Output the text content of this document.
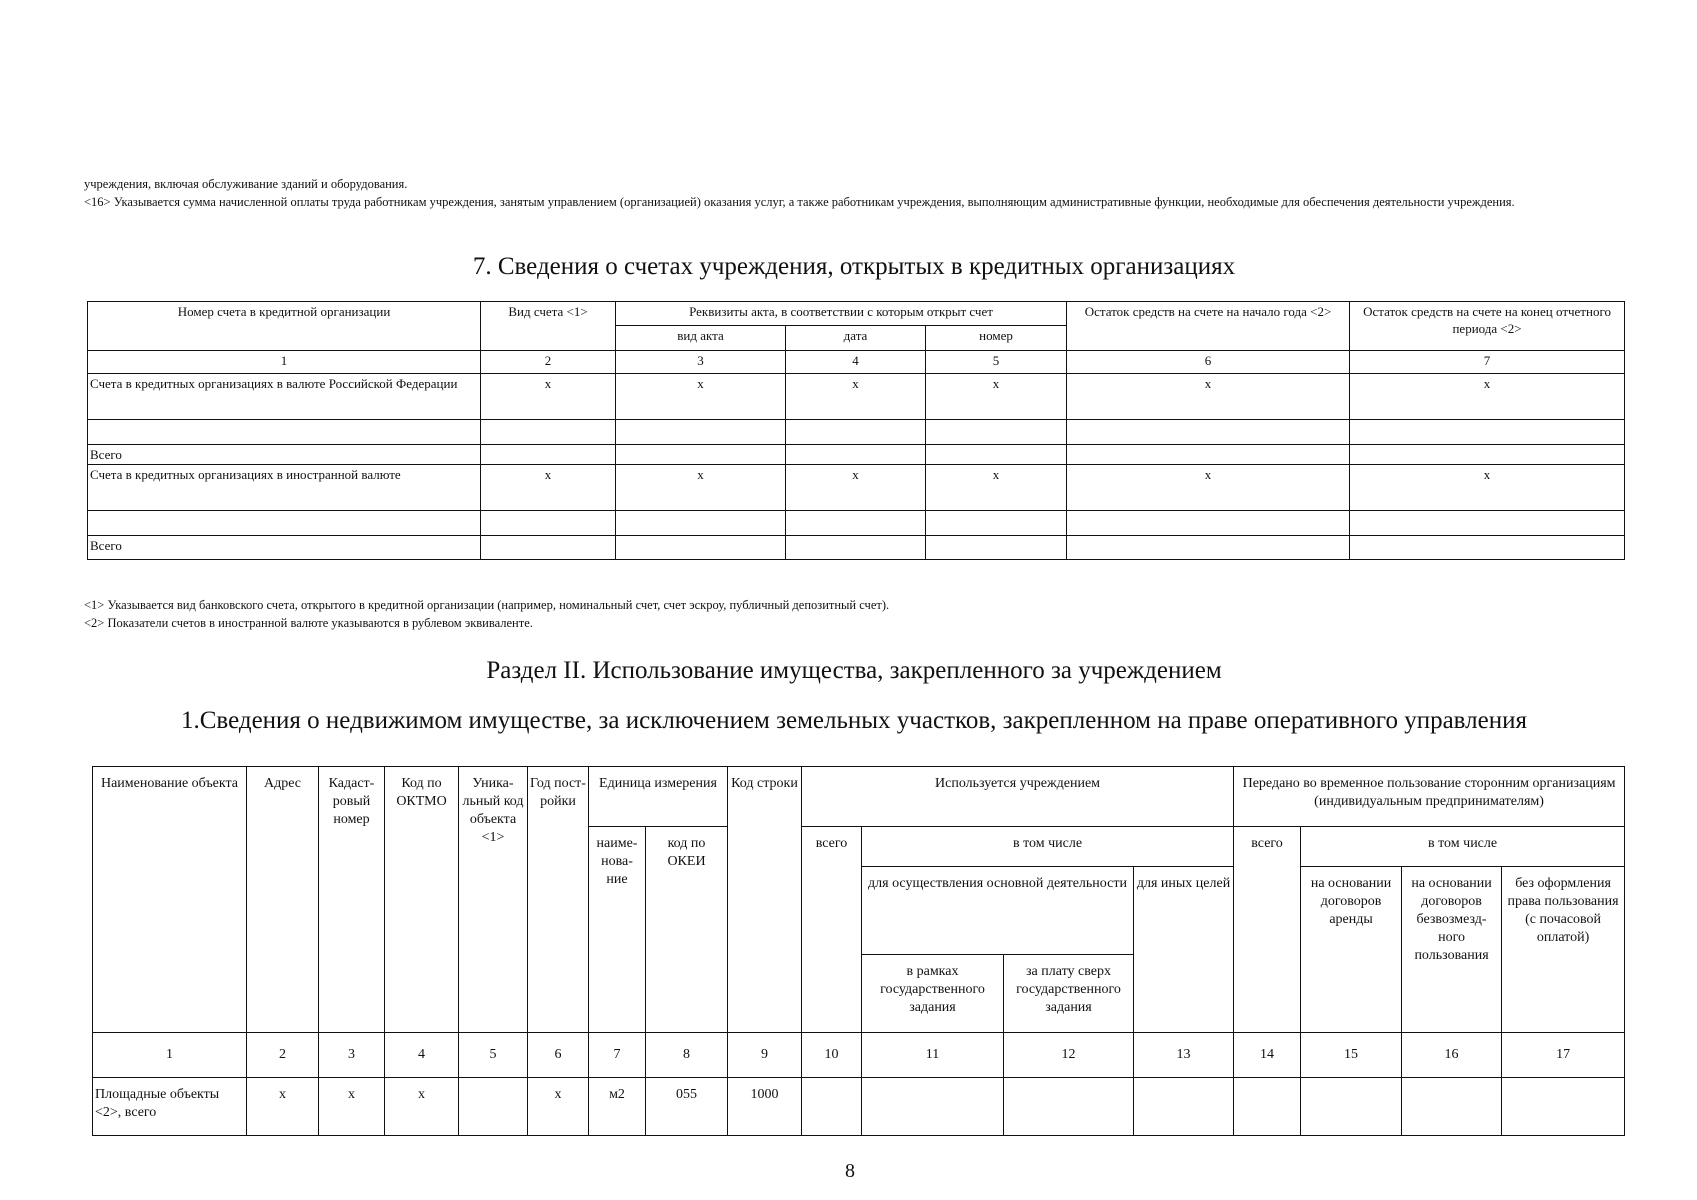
учреждения, включая обслуживание зданий и оборудования.
<16> Указывается сумма начисленной оплаты труда работникам учреждения, занятым управлением (организацией) оказания услуг, а также работникам учреждения, выполняющим административные функции, необходимые для обеспечения деятельности учреждения.
7. Сведения о счетах учреждения, открытых в кредитных организациях
Номер счета в кредитной организации	Вид счета <1>	Реквизиты акта, в соответствии с которым открыт счет			Остаток средств на счете на начало года <2>	Остаток средств на счете на конец отчетного периода <2>
		вид акта	дата	номер		
1	2	3	4	5	6	7
Счета в кредитных организациях в валюте Российской Федерации	x	x	x	x	x	x

Всего						
Счета в кредитных организациях в иностранной валюте	x	x	x	x	x	x

Всего						
<1> Указывается вид банковского счета, открытого в кредитной организации (например, номинальный счет, счет эскроу, публичный депозитный счет).
<2> Показатели счетов в иностранной валюте указываются в рублевом эквиваленте.
Раздел II. Использование имущества, закрепленного за учреждением
1.Сведения о недвижимом имуществе, за исключением земельных участков, закрепленном на праве оперативного управления
Наименование объекта	Адрес	Кадаст-ровый номер	Код по ОКТМО	Уника-льный код объекта <1>	Год пост-ройки	Единица измерения		Код строки	Используется учреждением				Передано во временное пользование сторонним организациям (индивидуальным предпринимателям)			
						наиме-нова-ние	код по ОКЕИ		всего	в том числе			всего	в том числе		
										для осуществления основной деятельности		для иных целей		на основании договоров аренды	на основании договоров безвозмезд-ного пользования	без оформления права пользования (с почасовой оплатой)
										в рамках государственного задания	за плату сверх государственного задания					
1	2	3	4	5	6	7	8	9	10	11	12	13	14	15	16	17
Площадные объекты <2>, всего	x	x	x		x	м2	055	1000								
8
